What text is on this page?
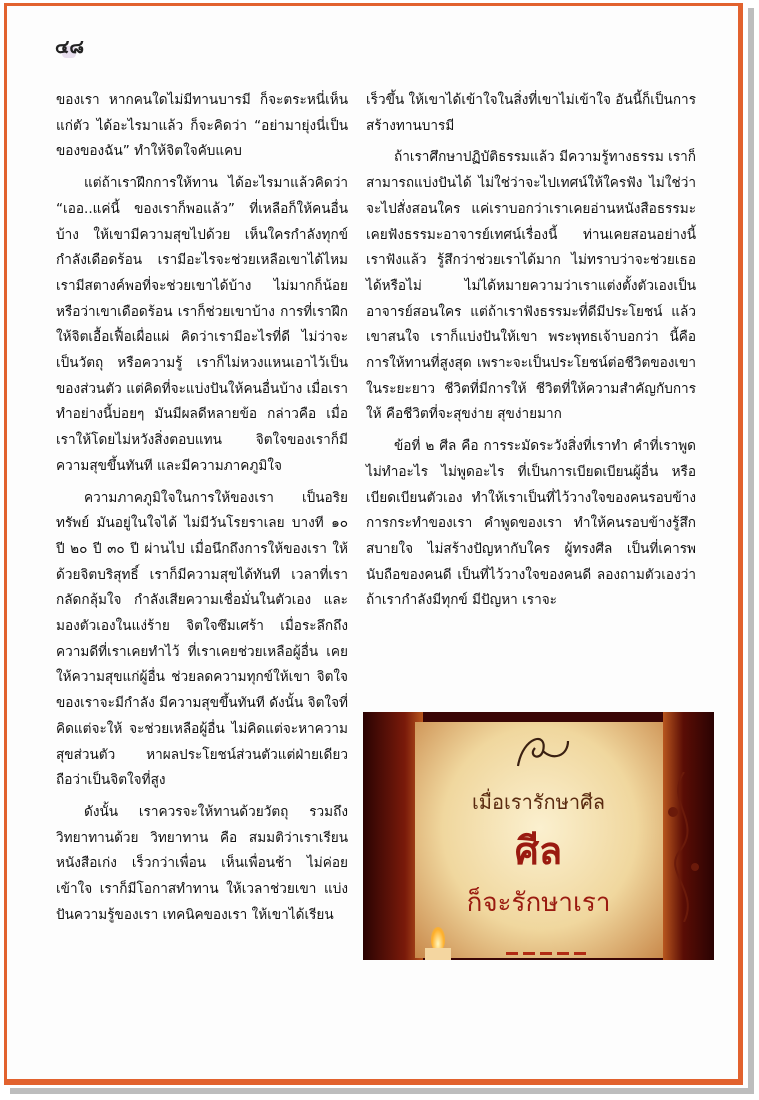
๔๘

ของเรา หากคนใดไม่มีทานบารมี ก็จะตระหนี่เห็นแก่ตัว ได้อะไรมาแล้ว ก็จะคิดว่า “อย่ามายุ่งนี่เป็นของของฉัน” ทำให้จิตใจคับแคบ

แต่ถ้าเราฝึกการให้ทาน ได้อะไรมาแล้วคิดว่า “เออ..แค่นี้ ของเราก็พอแล้ว” ที่เหลือก็ให้คนอื่นบ้าง ให้เขามีความสุขไปด้วย เห็นใครกำลังทุกข์กำลังเดือดร้อน เรามีอะไรจะช่วยเหลือเขาได้ไหม เรามีสตางค์พอที่จะช่วยเขาได้บ้าง ไม่มากก็น้อย หรือว่าเขาเดือดร้อน เราก็ช่วยเขาบ้าง การที่เราฝึกให้จิตเอื้อเฟื้อเผื่อแผ่ คิดว่าเรามีอะไรที่ดี ไม่ว่าจะเป็นวัตถุ หรือความรู้ เราก็ไม่หวงแหนเอาไว้เป็นของส่วนตัว แต่คิดที่จะแบ่งปันให้คนอื่นบ้าง เมื่อเราทำอย่างนี้บ่อยๆ มันมีผลดีหลายข้อ กล่าวคือ เมื่อเราให้โดยไม่หวังสิ่งตอบแทน จิตใจของเราก็มีความสุขขึ้นทันที และมีความภาคภูมิใจ

ความภาคภูมิใจในการให้ของเรา เป็นอริยทรัพย์ มันอยู่ในใจได้ ไม่มีวันโรยราเลย บางที ๑๐ ปี ๒๐ ปี ๓๐ ปี ผ่านไป เมื่อนึกถึงการให้ของเรา ให้ด้วยจิตบริสุทธิ์ เราก็มีความสุขได้ทันที เวลาที่เรากลัดกลุ้มใจ กำลังเสียความเชื่อมั่นในตัวเอง และมองตัวเองในแง่ร้าย จิตใจซึมเศร้า เมื่อระลึกถึงความดีที่เราเคยทำไว้ ที่เราเคยช่วยเหลือผู้อื่น เคยให้ความสุขแก่ผู้อื่น ช่วยลดความทุกข์ให้เขา จิตใจของเราจะมีกำลัง มีความสุขขึ้นทันที ดังนั้น จิตใจที่คิดแต่จะให้ จะช่วยเหลือผู้อื่น ไม่คิดแต่จะหาความสุขส่วนตัว หาผลประโยชน์ส่วนตัวแต่ฝ่ายเดียว ถือว่าเป็นจิตใจที่สูง

ดังนั้น เราควรจะให้ทานด้วยวัตถุ รวมถึงวิทยาทานด้วย วิทยาทาน คือ สมมติว่าเราเรียนหนังสือเก่ง เร็วกว่าเพื่อน เห็นเพื่อนช้า ไม่ค่อยเข้าใจ เราก็มีโอกาสทำทาน ให้เวลาช่วยเขา แบ่งปันความรู้ของเรา เทคนิคของเรา ให้เขาได้เรียน

เร็วขึ้น ให้เขาได้เข้าใจในสิ่งที่เขาไม่เข้าใจ อันนี้ก็เป็นการสร้างทานบารมี

ถ้าเราศึกษาปฏิบัติธรรมแล้ว มีความรู้ทางธรรม เราก็สามารถแบ่งปันได้ ไม่ใช่ว่าจะไปเทศน์ให้ใครฟัง ไม่ใช่ว่าจะไปสั่งสอนใคร แค่เราบอกว่าเราเคยอ่านหนังสือธรรมะ เคยฟังธรรมะอาจารย์เทศน์เรื่องนี้ ท่านเคยสอนอย่างนี้ เราฟังแล้ว รู้สึกว่าช่วยเราได้มาก ไม่ทราบว่าจะช่วยเธอได้หรือไม่ ไม่ได้หมายความว่าเราแต่งตั้งตัวเองเป็นอาจารย์สอนใคร แต่ถ้าเราฟังธรรมะที่ดีมีประโยชน์ แล้วเขาสนใจ เราก็แบ่งปันให้เขา พระพุทธเจ้าบอกว่า นี้คือการให้ทานที่สูงสุด เพราะจะเป็นประโยชน์ต่อชีวิตของเขาในระยะยาว ชีวิตที่มีการให้ ชีวิตที่ให้ความสำคัญกับการให้ คือชีวิตที่จะสุขง่าย สุขง่ายมาก

ข้อที่ ๒ ศีล คือ การระมัดระวังสิ่งที่เราทำ คำที่เราพูด ไม่ทำอะไร ไม่พูดอะไร ที่เป็นการเบียดเบียนผู้อื่น หรือเบียดเบียนตัวเอง ทำให้เราเป็นที่ไว้วางใจของคนรอบข้าง การกระทำของเรา คำพูดของเรา ทำให้คนรอบข้างรู้สึกสบายใจ ไม่สร้างปัญหากับใคร ผู้ทรงศีล เป็นที่เคารพนับถือของคนดี เป็นที่ไว้วางใจของคนดี ลองถามตัวเองว่า ถ้าเรากำลังมีทุกข์ มีปัญหา เราจะ

เมื่อเรารักษาศีล
ศีล
ก็จะรักษาเรา
